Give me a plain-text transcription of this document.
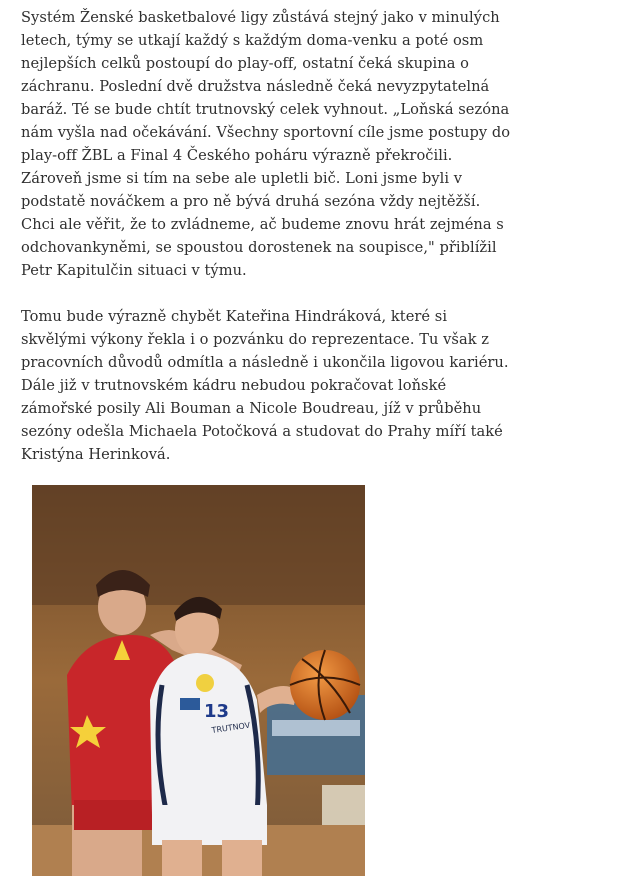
Systém Ženské basketbalové ligy zůstává stejný jako v minulých
letech, týmy se utkají každý s každým doma-venku a poté osm
nejlepších celků postoupí do play-off, ostatní čeká skupina o
záchranu. Poslední dvě družstva následně čeká nevyzpytatelná
baráž. Té se bude chtít trutnovský celek vyhnout. „Loňská sezóna
nám vyšla nad očekávání. Všechny sportovní cíle jsme postupy do
play-off ŽBL a Final 4 Českého poháru výrazně překročili.
Zároveň jsme si tím na sebe ale upletli bič. Loni jsme byli v
podstatě nováčkem a pro ně bývá druhá sezóna vždy nejtěžší.
Chci ale věřit, že to zvládneme, ač budeme znovu hrát zejména s
odchovankyněmi, se spoustou dorostenek na soupisce," přiblížil
Petr Kapitulčin situaci v týmu.

Tomu bude výrazně chybět Kateřina Hindráková, které si
skvělými výkony řekla i o pozvánku do reprezentace. Tu však z
pracovních důvodů odmítla a následně i ukončila ligovou kariéru.
Dále již v trutnovském kádru nebudou pokračovat loňské
zámořské posily Ali Bouman a Nicole Boudreau, jíž v průběhu
sezóny odešla Michaela Potočková a studovat do Prahy míří také
Kristýna Herinková.

13
TRUTNOV
